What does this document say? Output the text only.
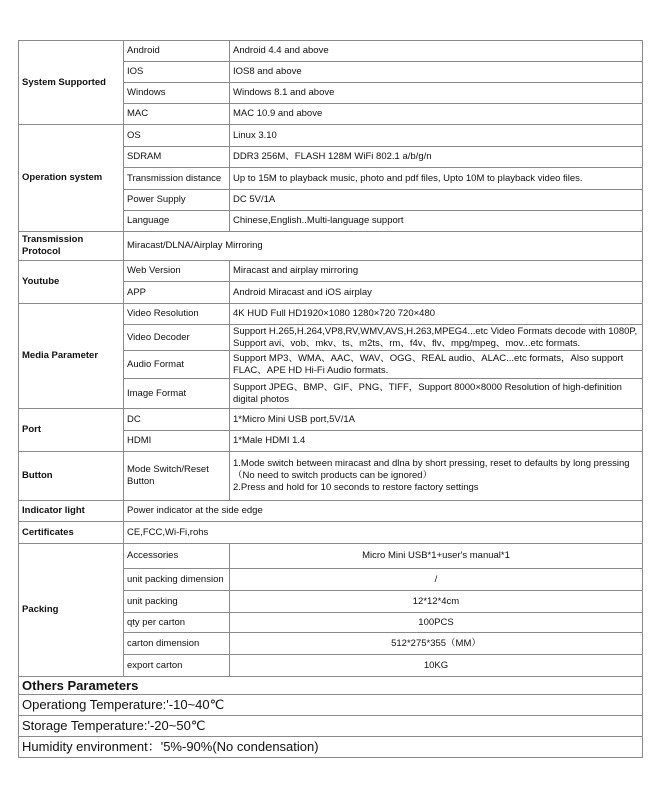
System Supported	Android	Android 4.4 and above
	IOS	IOS8 and above
	Windows	Windows 8.1 and above
	MAC	MAC 10.9 and above
Operation system	OS	Linux 3.10
	SDRAM	DDR3 256M、FLASH 128M WiFi 802.1 a/b/g/n
	Transmission distance	Up to 15M to playback music, photo and pdf files, Upto 10M to playback video files.
	Power Supply	DC 5V/1A
	Language	Chinese,English..Multi-language support
Transmission Protocol	Miracast/DLNA/Airplay Mirroring	
Youtube	Web Version	Miracast and airplay mirroring
	APP	Android Miracast and iOS airplay
Media Parameter	Video Resolution	4K HUD Full HD1920×1080 1280×720 720×480
	Video Decoder	Support H.265,H.264,VP8,RV,WMV,AVS,H.263,MPEG4...etc Video Formats decode with 1080P, Support avi、vob、mkv、ts、m2ts、rm、f4v、flv、mpg/mpeg、mov...etc formats.
	Audio Format	Support MP3、WMA、AAC、WAV、OGG、REAL audio、ALAC...etc formats，Also support FLAC、APE HD Hi-Fi Audio formats.
	Image Format	Support JPEG、BMP、GIF、PNG、TIFF，Support 8000×8000 Resolution of high-definition digital photos
Port	DC	1*Micro Mini USB port,5V/1A
	HDMI	1*Male HDMI 1.4
Button	Mode Switch/Reset Button	1.Mode switch between miracast and dlna by short pressing, reset to defaults by long pressing（No need to switch products can be ignored）
2.Press and hold for 10 seconds to restore factory settings
Indicator light	Power indicator at the side edge	
Certificates	CE,FCC,Wi-Fi,rohs	
Packing	Accessories	Micro Mini USB*1+user's manual*1
	unit packing dimension	/
	unit packing	12*12*4cm
	qty per carton	100PCS
	carton dimension	512*275*355（MM）
	export carton	10KG
Others Parameters		
Operationg Temperature:'-10~40℃		
Storage Temperature:'-20~50℃		
Humidity environment：'5%-90%(No condensation)		
